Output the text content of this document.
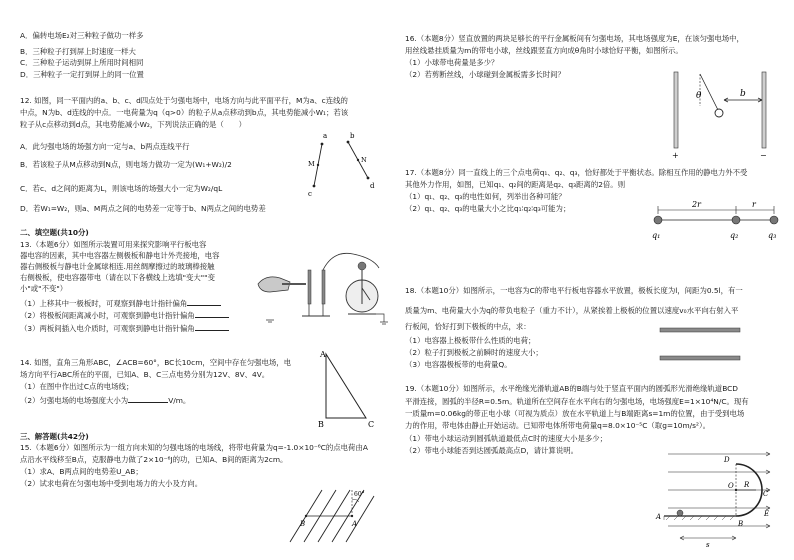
A．偏转电场E₂对三种粒子做功一样多
B．三种粒子打到屏上时速度一样大
C．三种粒子运动到屏上所用时间相同
D．三种粒子一定打到屏上的同一位置
12. 如图，同一平面内的a、b、c、d四点处于匀强电场中，电场方向与此平面平行，M为a、c连线的
中点，N为b、d连线的中点．一电荷量为q（q>0）的粒子从a点移动到b点，其电势能减小W₁；若该
粒子从c点移动到d点，其电势能减小W₂，下列说法正确的是（　　）
A．此匀强电场的场强方向一定与a、b两点连线平行
B．若该粒子从M点移动到N点，则电场力做功一定为(W₁+W₂)/2
C．若c、d之间的距离为L，则该电场的场强大小一定为W₂/qL
D．若W₁=W₂，则a、M两点之间的电势差一定等于b、N两点之间的电势差
a	b
c
d
M	N
二、填空题(共10分)
13.（本题6分）如图所示装置可用来探究影响平行板电容
器电容的因素，其中电容器左侧极板和静电计外壳接地，电容
器右侧极板与静电计金属球相连.用丝绸摩擦过的玻璃棒接触
右侧极板，使电容器带电（请在以下各横线上选填"变大""变
小"或"不变"）
（1）上移其中一极板时，可观察到静电计指针偏角
（2）将极板间距离减小时，可观察到静电计指针偏角
（3）两板间插入电介质时，可观察到静电计指针偏角
14. 如图，直角三角形ABC，∠ACB=60°，BC长10cm，空间中存在匀强电场，电
场方向平行ABC所在的平面，已知A、B、C三点电势分别为12V、8V、4V。
（1）在图中作出过C点的电场线；
（2）匀强电场的电场强度大小为	V/m。
A
B	C
三、解答题(共42分)
15.（本题6分）如图所示为一组方向未知的匀强电场的电场线，将带电荷量为q=-1.0×10⁻⁶C的点电荷由A
点沿水平线移至B点，克服静电力做了2×10⁻⁶J的功，已知A、B间的距离为2cm。
（1）求A、B两点间的电势差U_AB；
（2）试求电荷在匀强电场中受到电场力的大小及方向。
B	A
60°
16.（本题8分）竖直放置的两块足够长的平行金属板间有匀强电场，其电场强度为E，在该匀强电场中，
用丝线悬挂质量为m的带电小球，丝线跟竖直方向成θ角时小球恰好平衡，如图所示。
（1）小球带电荷量是多少？
（2）若剪断丝线，小球碰到金属板需多长时间？
θ	b
+	−
17.（本题8分）同一直线上的三个点电荷q₁、q₂、q₃，恰好都处于平衡状态。除相互作用的静电力外不受
其他外力作用，如图，已知q₁、q₂间的距离是q₂、q₃距离的2倍。则
（1）q₁、q₂、q₃的电性如何，列举出各种可能？
（2）q₁、q₂、q₃的电量大小之比q₁∶q₂∶q₃可能为；	2r	r
q₁	q₂	q₃
18.（本题10分）如图所示，一电容为C的带电平行板电容器水平放置，极板长度为l，间距为0.5l，有一
质量为m、电荷量大小为q的带负电粒子（重力不计），从紧挨着上极板的位置以速度v₀水平向右射入平
行板间，恰好打到下极板的中点，求：
（1）电容器上极板带什么性质的电荷；
（2）粒子打到极板之前瞬时的速度大小；
（3）电容器极板带的电荷量Q。
19.（本题10分）如图所示，水平绝缘光滑轨道AB的B端与处于竖直平面内的圆弧形光滑绝缘轨道BCD
平滑连接，圆弧的半径R=0.5m。轨道所在空间存在水平向右的匀强电场，电场强度E=1×10⁴N/C。现有
一质量m=0.06kg的带正电小球（可视为质点）放在水平轨道上与B端距离s=1m的位置，由于受到电场
力的作用，带电体由静止开始运动。已知带电体所带电荷量q=8.0×10⁻⁵C（取g=10m/s²）。
（1）带电小球运动到圆弧轨道最低点C时的速度大小是多少；
（2）带电小球能否到达圆弧最高点D，请计算说明。
D
O R
C
E
B
A
s
